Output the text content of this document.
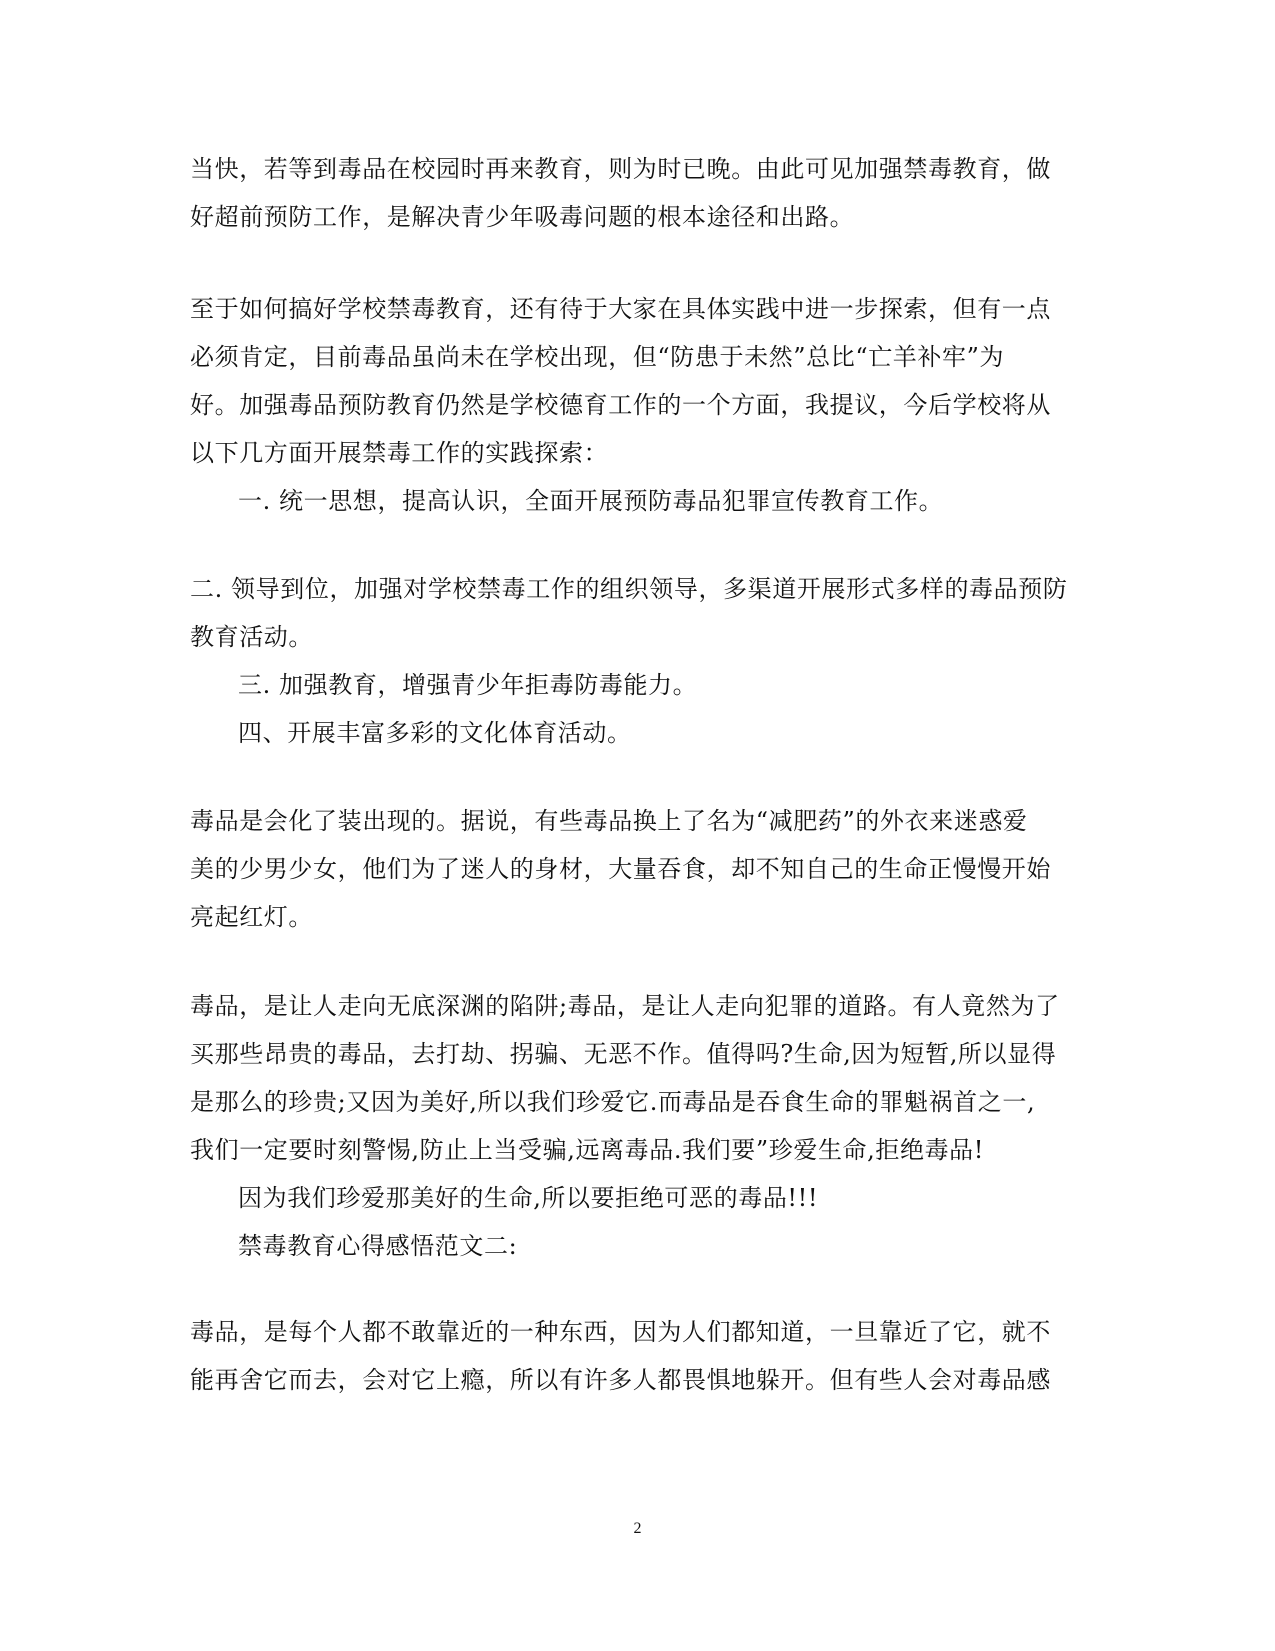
当快，若等到毒品在校园时再来教育，则为时已晚。由此可见加强禁毒教育，做
好超前预防工作，是解决青少年吸毒问题的根本途径和出路。

至于如何搞好学校禁毒教育，还有待于大家在具体实践中进一步探索，但有一点
必须肯定，目前毒品虽尚未在学校出现，但“防患于未然”总比“亡羊补牢”为
好。加强毒品预防教育仍然是学校德育工作的一个方面，我提议，今后学校将从
以下几方面开展禁毒工作的实践探索：

一. 统一思想，提高认识，全面开展预防毒品犯罪宣传教育工作。

二. 领导到位，加强对学校禁毒工作的组织领导，多渠道开展形式多样的毒品预防
教育活动。

三. 加强教育，增强青少年拒毒防毒能力。

四、开展丰富多彩的文化体育活动。

毒品是会化了装出现的。据说，有些毒品换上了名为“减肥药”的外衣来迷惑爱
美的少男少女，他们为了迷人的身材，大量吞食，却不知自己的生命正慢慢开始
亮起红灯。

毒品，是让人走向无底深渊的陷阱;毒品，是让人走向犯罪的道路。有人竟然为了
买那些昂贵的毒品，去打劫、拐骗、无恶不作。值得吗?生命,因为短暂,所以显得
是那么的珍贵;又因为美好,所以我们珍爱它.而毒品是吞食生命的罪魁祸首之一,
我们一定要时刻警惕,防止上当受骗,远离毒品.我们要”珍爱生命,拒绝毒品!

因为我们珍爱那美好的生命,所以要拒绝可恶的毒品!!!

禁毒教育心得感悟范文二:

毒品，是每个人都不敢靠近的一种东西，因为人们都知道，一旦靠近了它，就不
能再舍它而去，会对它上瘾，所以有许多人都畏惧地躲开。但有些人会对毒品感

2
